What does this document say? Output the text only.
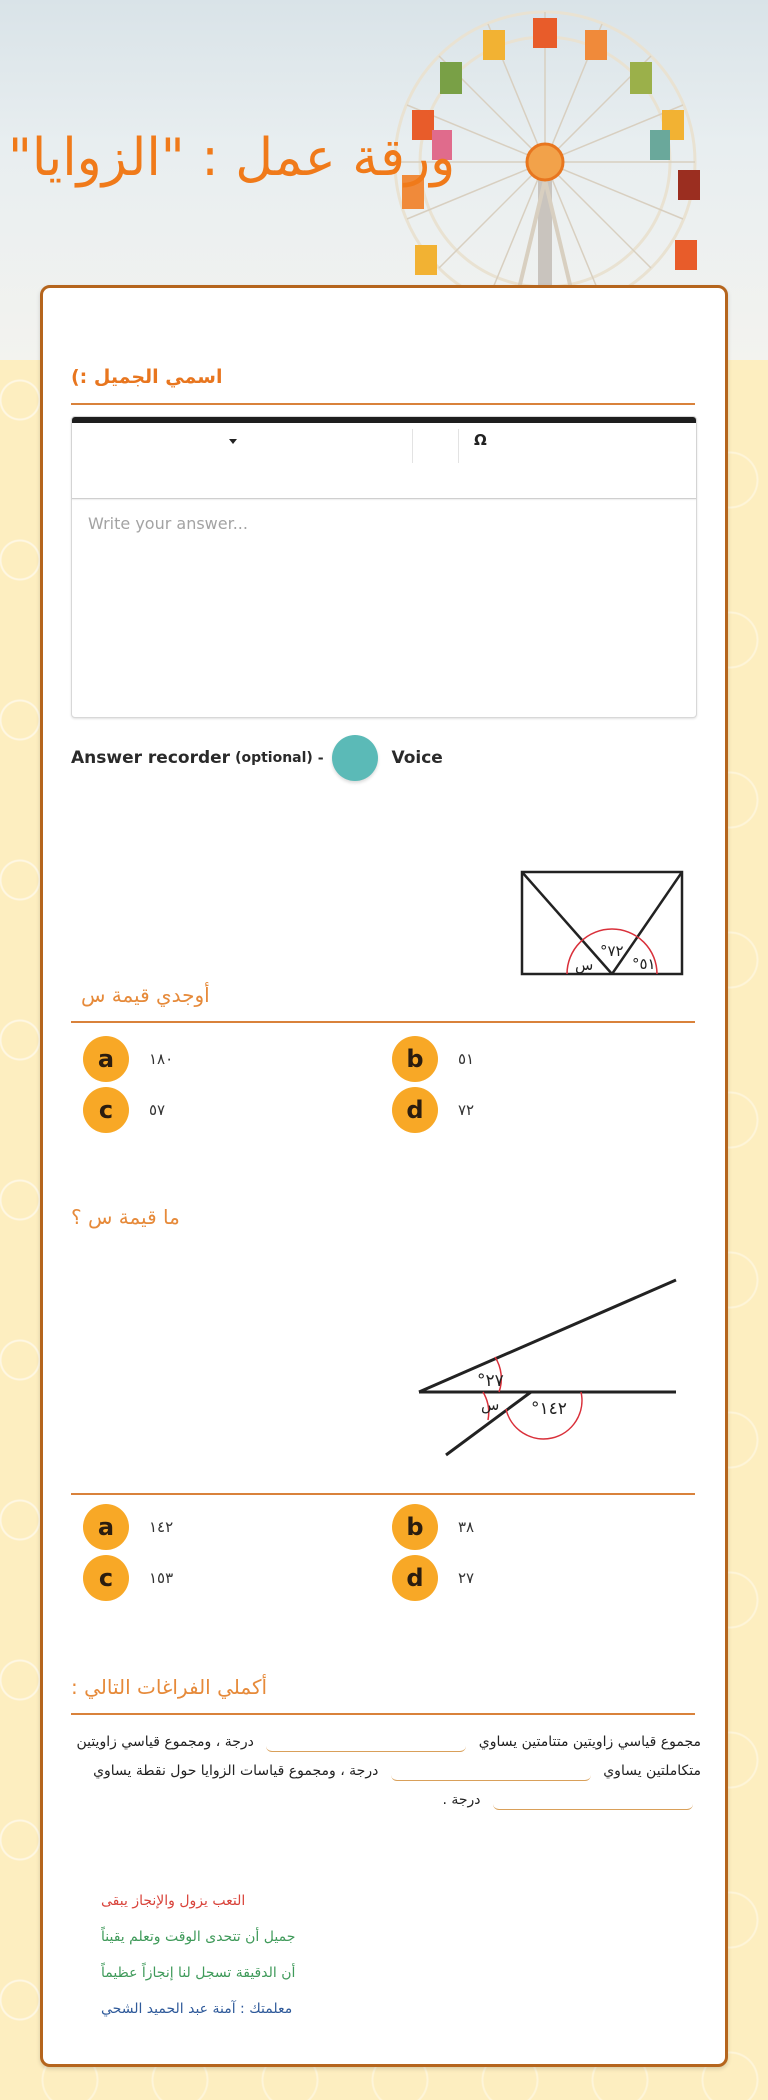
ورقة عمل : "الزوايا"
اسمي الجميل :)
Ω
Write your answer...
Answer recorder (optional) -	Voice
س
°٧٢
°٥١
أوجدي قيمة س
a	١٨٠	b	٥١
c	٥٧	d	٧٢
ما قيمة س ؟
°٢٧
س °١٤٢
a	١٤٢	b	٣٨
c	١٥٣	d	٢٧
أكملي الفراغات التالي :
مجموع قياسي زاويتين متتامتين يساوي  درجة ، ومجموع قياسي زاويتين متكاملتين يساوي  درجة ، ومجموع قياسات الزوايا حول نقطة يساوي  درجة .
التعب يزول والإنجاز يبقى
جميل أن تتحدى الوقت وتعلم يقيناً
أن الدقيقة تسجل لنا إنجازاً عظيماً
معلمتك : آمنة عبد الحميد الشحي
